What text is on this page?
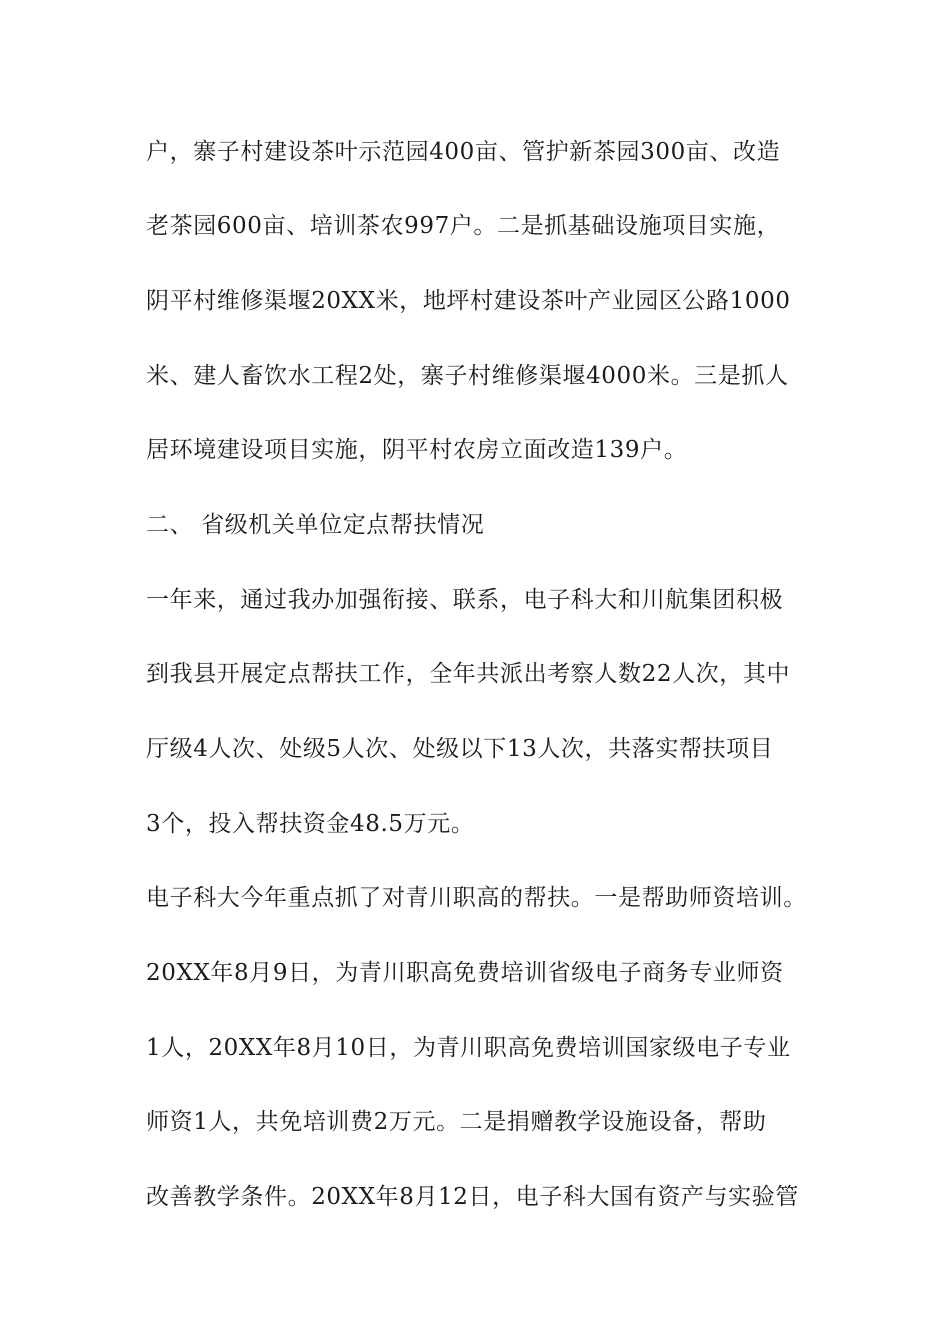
户，寨子村建设茶叶示范园400亩、管护新茶园300亩、改造
老茶园600亩、培训茶农997户。二是抓基础设施项目实施，
阴平村维修渠堰20XX米，地坪村建设茶叶产业园区公路1000
米、建人畜饮水工程2处，寨子村维修渠堰4000米。三是抓人
居环境建设项目实施，阴平村农房立面改造139户。
二、 省级机关单位定点帮扶情况
一年来，通过我办加强衔接、联系，电子科大和川航集团积极
到我县开展定点帮扶工作，全年共派出考察人数22人次，其中
厅级4人次、处级5人次、处级以下13人次，共落实帮扶项目
3个，投入帮扶资金48.5万元。
电子科大今年重点抓了对青川职高的帮扶。一是帮助师资培训。
20XX年8月9日，为青川职高免费培训省级电子商务专业师资
1人，20XX年8月10日，为青川职高免费培训国家级电子专业
师资1人，共免培训费2万元。二是捐赠教学设施设备，帮助
改善教学条件。20XX年8月12日，电子科大国有资产与实验管
